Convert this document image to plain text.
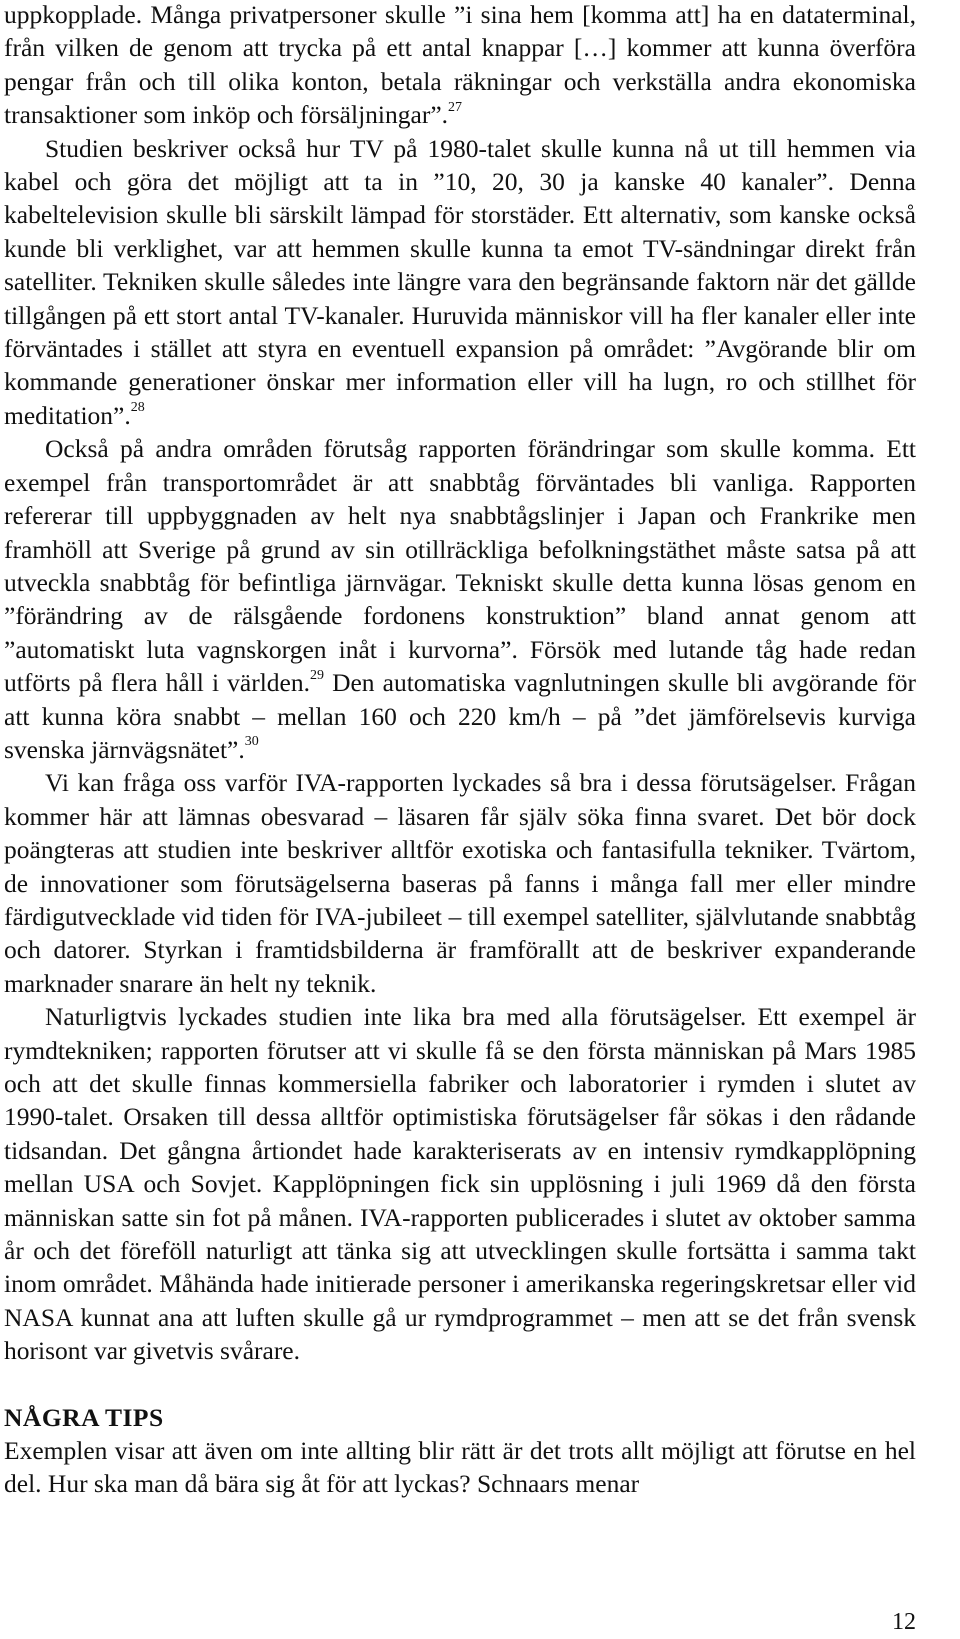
uppkopplade. Många privatpersoner skulle ”i sina hem [komma att] ha en dataterminal, från vilken de genom att trycka på ett antal knappar […] kommer att kunna överföra pengar från och till olika konton, betala räkningar och verkställa andra ekonomiska transaktioner som inköp och försäljningar”.$^{27}$

Studien beskriver också hur TV på 1980-talet skulle kunna nå ut till hemmen via kabel och göra det möjligt att ta in ”10, 20, 30 ja kanske 40 kanaler”. Denna kabeltelevision skulle bli särskilt lämpad för storstäder. Ett alternativ, som kanske också kunde bli verklighet, var att hemmen skulle kunna ta emot TV-sändningar direkt från satelliter. Tekniken skulle således inte längre vara den begränsande faktorn när det gällde tillgången på ett stort antal TV-kanaler. Huruvida människor vill ha fler kanaler eller inte förväntades i stället att styra en eventuell expansion på området: ”Avgörande blir om kommande generationer önskar mer information eller vill ha lugn, ro och stillhet för meditation”.$^{28}$

Också på andra områden förutsåg rapporten förändringar som skulle komma. Ett exempel från transportområdet är att snabbtåg förväntades bli vanliga. Rapporten refererar till uppbyggnaden av helt nya snabbtågslinjer i Japan och Frankrike men framhöll att Sverige på grund av sin otillräckliga befolkningstäthet måste satsa på att utveckla snabbtåg för befintliga järnvägar. Tekniskt skulle detta kunna lösas genom en ”förändring av de rälsgående fordonens konstruktion” bland annat genom att ”automatiskt luta vagnskorgen inåt i kurvorna”. Försök med lutande tåg hade redan utförts på flera håll i världen.$^{29}$ Den automatiska vagnlutningen skulle bli avgörande för att kunna köra snabbt – mellan 160 och 220 km/h – på ”det jämförelsevis kurviga svenska järnvägsnätet”.$^{30}$

Vi kan fråga oss varför IVA-rapporten lyckades så bra i dessa förutsägelser. Frågan kommer här att lämnas obesvarad – läsaren får själv söka finna svaret. Det bör dock poängteras att studien inte beskriver alltför exotiska och fantasifulla tekniker. Tvärtom, de innovationer som förutsägelserna baseras på fanns i många fall mer eller mindre färdigutvecklade vid tiden för IVA-jubileet – till exempel satelliter, självlutande snabbtåg och datorer. Styrkan i framtidsbilderna är framförallt att de beskriver expanderande marknader snarare än helt ny teknik.

Naturligtvis lyckades studien inte lika bra med alla förutsägelser. Ett exempel är rymdtekniken; rapporten förutser att vi skulle få se den första människan på Mars 1985 och att det skulle finnas kommersiella fabriker och laboratorier i rymden i slutet av 1990-talet. Orsaken till dessa alltför optimistiska förutsägelser får sökas i den rådande tidsandan. Det gångna årtiondet hade karakteriserats av en intensiv rymdkapplöpning mellan USA och Sovjet. Kapplöpningen fick sin upplösning i juli 1969 då den första människan satte sin fot på månen. IVA-rapporten publicerades i slutet av oktober samma år och det föreföll naturligt att tänka sig att utvecklingen skulle fortsätta i samma takt inom området. Måhända hade initierade personer i amerikanska regeringskretsar eller vid NASA kunnat ana att luften skulle gå ur rymdprogrammet – men att se det från svensk horisont var givetvis svårare.

NÅGRA TIPS

Exemplen visar att även om inte allting blir rätt är det trots allt möjligt att förutse en hel del. Hur ska man då bära sig åt för att lyckas? Schnaars menar

12
